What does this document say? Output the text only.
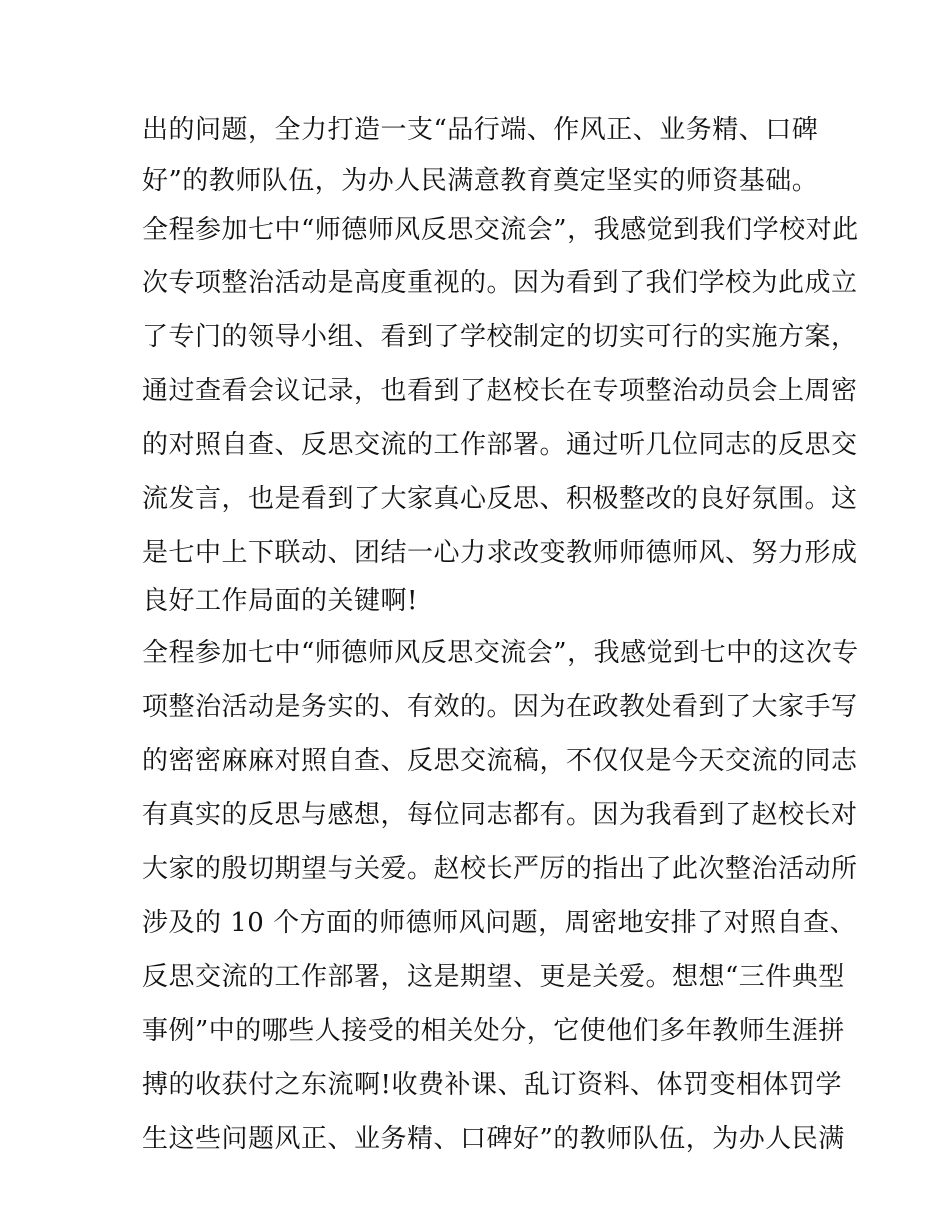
出的问题，全力打造一支“品行端、作风正、业务精、口碑
好”的教师队伍，为办人民满意教育奠定坚实的师资基础。
全程参加七中“师德师风反思交流会”，我感觉到我们学校对此
次专项整治活动是高度重视的。因为看到了我们学校为此成立
了专门的领导小组、看到了学校制定的切实可行的实施方案，
通过查看会议记录，也看到了赵校长在专项整治动员会上周密
的对照自查、反思交流的工作部署。通过听几位同志的反思交
流发言，也是看到了大家真心反思、积极整改的良好氛围。这
是七中上下联动、团结一心力求改变教师师德师风、努力形成
良好工作局面的关键啊!
全程参加七中“师德师风反思交流会”，我感觉到七中的这次专
项整治活动是务实的、有效的。因为在政教处看到了大家手写
的密密麻麻对照自查、反思交流稿，不仅仅是今天交流的同志
有真实的反思与感想，每位同志都有。因为我看到了赵校长对
大家的殷切期望与关爱。赵校长严厉的指出了此次整治活动所
涉及的 10 个方面的师德师风问题，周密地安排了对照自查、
反思交流的工作部署，这是期望、更是关爱。想想“三件典型
事例”中的哪些人接受的相关处分，它使他们多年教师生涯拼
搏的收获付之东流啊!收费补课、乱订资料、体罚变相体罚学
生这些问题风正、业务精、口碑好”的教师队伍，为办人民满
